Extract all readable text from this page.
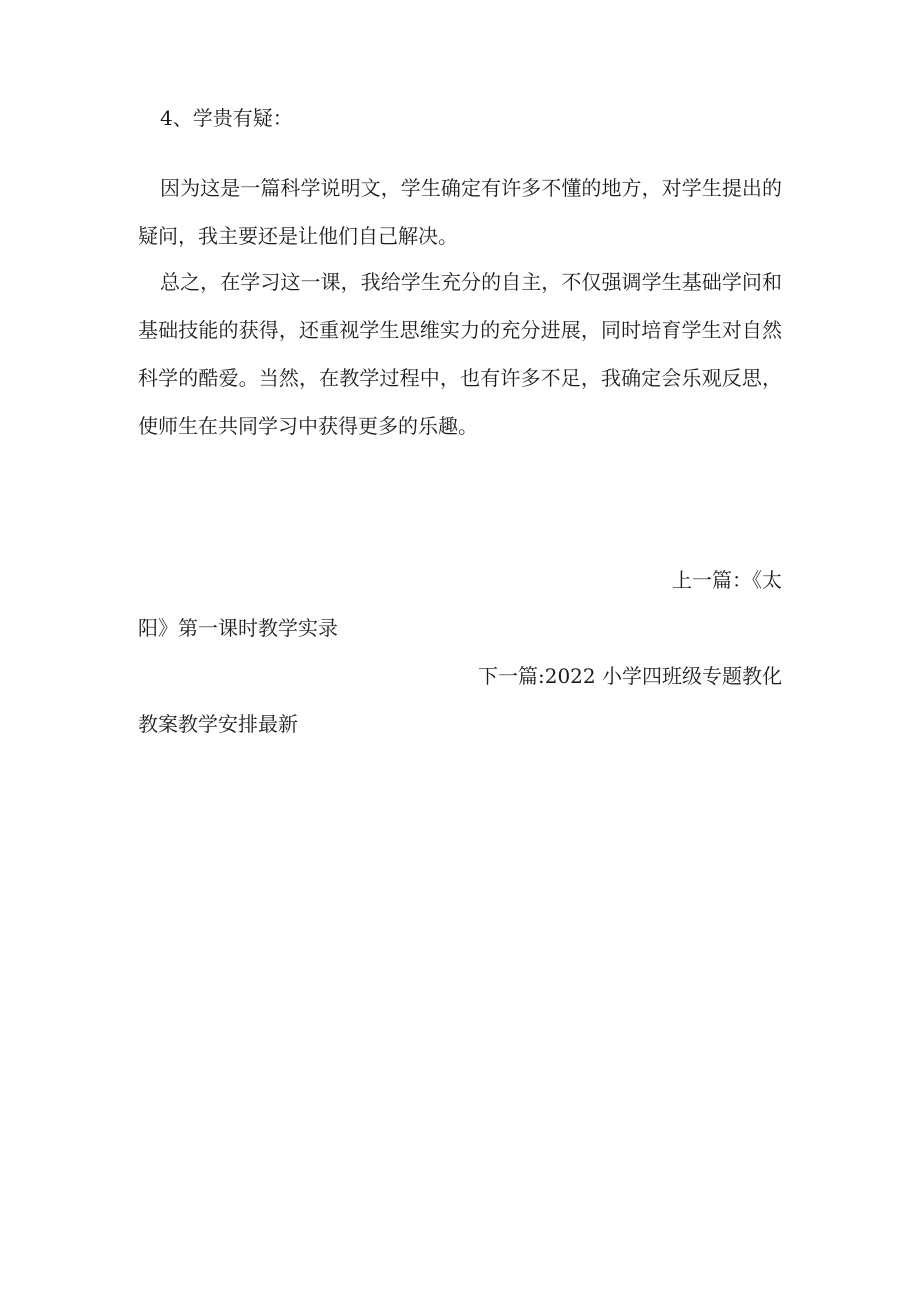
4、学贵有疑：

因为这是一篇科学说明文，学生确定有许多不懂的地方，对学生提出的疑问，我主要还是让他们自己解决。

总之，在学习这一课，我给学生充分的自主，不仅强调学生基础学问和基础技能的获得，还重视学生思维实力的充分进展，同时培育学生对自然科学的酷爱。当然，在教学过程中，也有许多不足，我确定会乐观反思，使师生在共同学习中获得更多的乐趣。

上一篇：《太
阳》第一课时教学实录
下一篇:2022 小学四班级专题教化
教案教学安排最新
